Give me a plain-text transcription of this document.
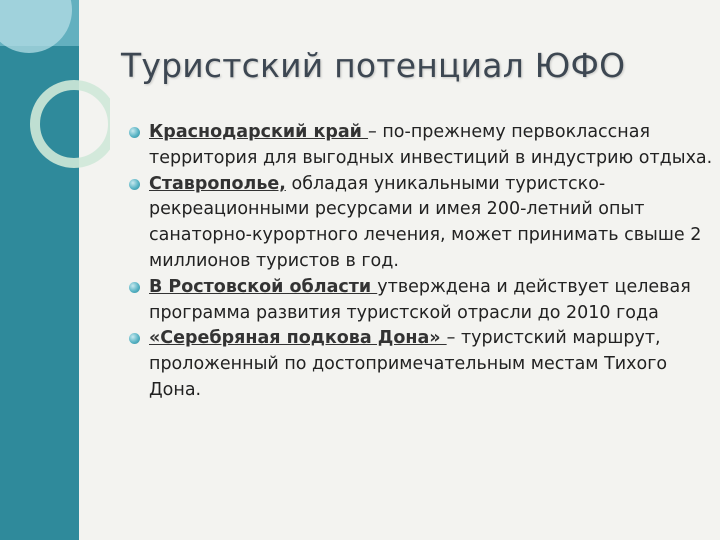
Туристский потенциал ЮФО
Краснодарский край – по-прежнему первоклассная территория для выгодных инвестиций в индустрию отдыха.
Ставрополье, обладая уникальными туристско-рекреационными ресурсами и имея 200-летний опыт санаторно-курортного лечения, может принимать свыше 2 миллионов туристов в год.
В Ростовской области утверждена и действует целевая программа развития туристской отрасли до 2010 года
«Серебряная подкова Дона» – туристский маршрут, проложенный по достопримечательным местам Тихого Дона.
